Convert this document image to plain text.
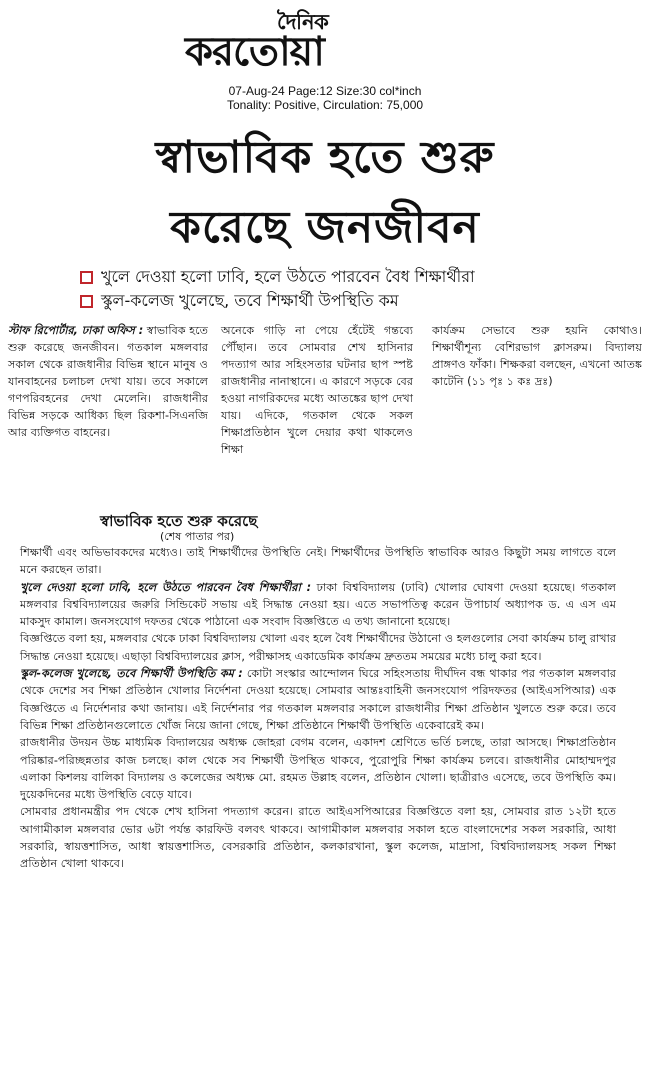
দৈনিক
করতোয়া
07-Aug-24 Page:12 Size:30 col*inch
Tonality: Positive, Circulation: 75,000
স্বাভাবিক হতে শুরু
করেছে জনজীবন
খুলে দেওয়া হলো ঢাবি, হলে উঠতে পারবেন বৈধ শিক্ষার্থীরা
স্কুল-কলেজ খুলেছে, তবে শিক্ষার্থী উপস্থিতি কম
স্টাফ রিপোর্টার, ঢাকা অফিস : স্বাভাবিক হতে শুরু করেছে জনজীবন। গতকাল মঙ্গলবার সকাল থেকে রাজধানীর বিভিন্ন স্থানে মানুষ ও যানবাহনের চলাচল দেখা যায়। তবে সকালে গণপরিবহনের দেখা মেলেনি। রাজধানীর বিভিন্ন সড়কে আধিক্য ছিল রিকশা-সিএনজি আর ব্যক্তিগত বাহনের।
অনেকে গাড়ি না পেয়ে হেঁটেই গন্তব্যে পৌঁছান। তবে সোমবার শেখ হাসিনার পদত্যাগ আর সহিংসতার ঘটনার ছাপ স্পষ্ট রাজধানীর নানাস্থানে। এ কারণে সড়কে বের হওয়া নাগরিকদের মধ্যে আতঙ্কের ছাপ দেখা যায়। এদিকে, গতকাল থেকে সকল শিক্ষাপ্রতিষ্ঠান খুলে দেয়ার কথা থাকলেও শিক্ষা
কার্যক্রম সেভাবে শুরু হয়নি কোথাও। শিক্ষার্থীশূন্য বেশিরভাগ ক্লাসরুম। বিদ্যালয় প্রাঙ্গণও ফাঁকা। শিক্ষকরা বলছেন, এখনো আতঙ্ক কাটেনি (১১ পৃঃ ১ কঃ দ্রঃ)
স্বাভাবিক হতে শুরু করেছে
(শেষ পাতার পর)

শিক্ষার্থী এবং অভিভাবকদের মধ্যেও। তাই শিক্ষার্থীদের উপস্থিতি নেই। শিক্ষার্থীদের উপস্থিতি স্বাভাবিক আরও কিছুটা সময় লাগতে বলে মনে করছেন তারা।

খুলে দেওয়া হলো ঢাবি, হলে উঠতে পারবেন বৈধ শিক্ষার্থীরা : ঢাকা বিশ্ববিদ্যালয় (ঢাবি) খোলার ঘোষণা দেওয়া হয়েছে। গতকাল মঙ্গলবার বিশ্ববিদ্যালয়ের জরুরি সিন্ডিকেট সভায় এই সিদ্ধান্ত নেওয়া হয়। এতে সভাপতিত্ব করেন উপাচার্য অধ্যাপক ড. এ এস এম মাকসুদ কামাল। জনসংযোগ দফতর থেকে পাঠানো এক সংবাদ বিজ্ঞপ্তিতে এ তথ্য জানানো হয়েছে।

বিজ্ঞপ্তিতে বলা হয়, মঙ্গলবার থেকে ঢাকা বিশ্ববিদ্যালয় খোলা এবং হলে বৈধ শিক্ষার্থীদের উঠানো ও হলগুলোর সেবা কার্যক্রম চালু রাখার সিদ্ধান্ত নেওয়া হয়েছে। এছাড়া বিশ্ববিদ্যালয়ের ক্লাস, পরীক্ষাসহ একাডেমিক কার্যক্রম দ্রুততম সময়ের মধ্যে চালু করা হবে।

স্কুল-কলেজ খুলেছে, তবে শিক্ষার্থী উপস্থিতি কম : কোটা সংস্কার আন্দোলন ঘিরে সহিংসতায় দীর্ঘদিন বন্ধ থাকার পর গতকাল মঙ্গলবার থেকে দেশের সব শিক্ষা প্রতিষ্ঠান খোলার নির্দেশনা দেওয়া হয়েছে। সোমবার আন্তঃবাহিনী জনসংযোগ পরিদফতর (আইএসপিআর) এক বিজ্ঞপ্তিতে এ নির্দেশনার কথা জানায়। এই নির্দেশনার পর গতকাল মঙ্গলবার সকালে রাজধানীর শিক্ষা প্রতিষ্ঠান খুলতে শুরু করে। তবে বিভিন্ন শিক্ষা প্রতিষ্ঠানগুলোতে খোঁজ নিয়ে জানা গেছে, শিক্ষা প্রতিষ্ঠানে শিক্ষার্থী উপস্থিতি একেবারেই কম।

রাজধানীর উদয়ন উচ্চ মাধ্যমিক বিদ্যালয়ের অধ্যক্ষ জোহরা বেগম বলেন, একাদশ শ্রেণিতে ভর্তি চলছে, তারা আসছে। শিক্ষাপ্রতিষ্ঠান পরিষ্কার-পরিচ্ছন্নতার কাজ চলছে। কাল থেকে সব শিক্ষার্থী উপস্থিত থাকবে, পুরোপুরি শিক্ষা কার্যক্রম চলবে। রাজধানীর মোহাম্মদপুর এলাকা কিশলয় বালিকা বিদ্যালয় ও কলেজের অধ্যক্ষ মো. রহমত উল্লাহ বলেন, প্রতিষ্ঠান খোলা। ছাত্রীরাও এসেছে, তবে উপস্থিতি কম। দুয়েকদিনের মধ্যে উপস্থিতি বেড়ে যাবে।

সোমবার প্রধানমন্ত্রীর পদ থেকে শেখ হাসিনা পদত্যাগ করেন। রাতে আইএসপিআরের বিজ্ঞপ্তিতে বলা হয়, সোমবার রাত ১২টা হতে আগামীকাল মঙ্গলবার ভোর ৬টা পর্যন্ত কারফিউ বলবৎ থাকবে। আগামীকাল মঙ্গলবার সকাল হতে বাংলাদেশের সকল সরকারি, আধা সরকারি, স্বায়ত্তশাসিত, আধা স্বায়ত্তশাসিত, বেসরকারি প্রতিষ্ঠান, কলকারখানা, স্কুল কলেজ, মাদ্রাসা, বিশ্ববিদ্যালয়সহ সকল শিক্ষা প্রতিষ্ঠান খোলা থাকবে।
